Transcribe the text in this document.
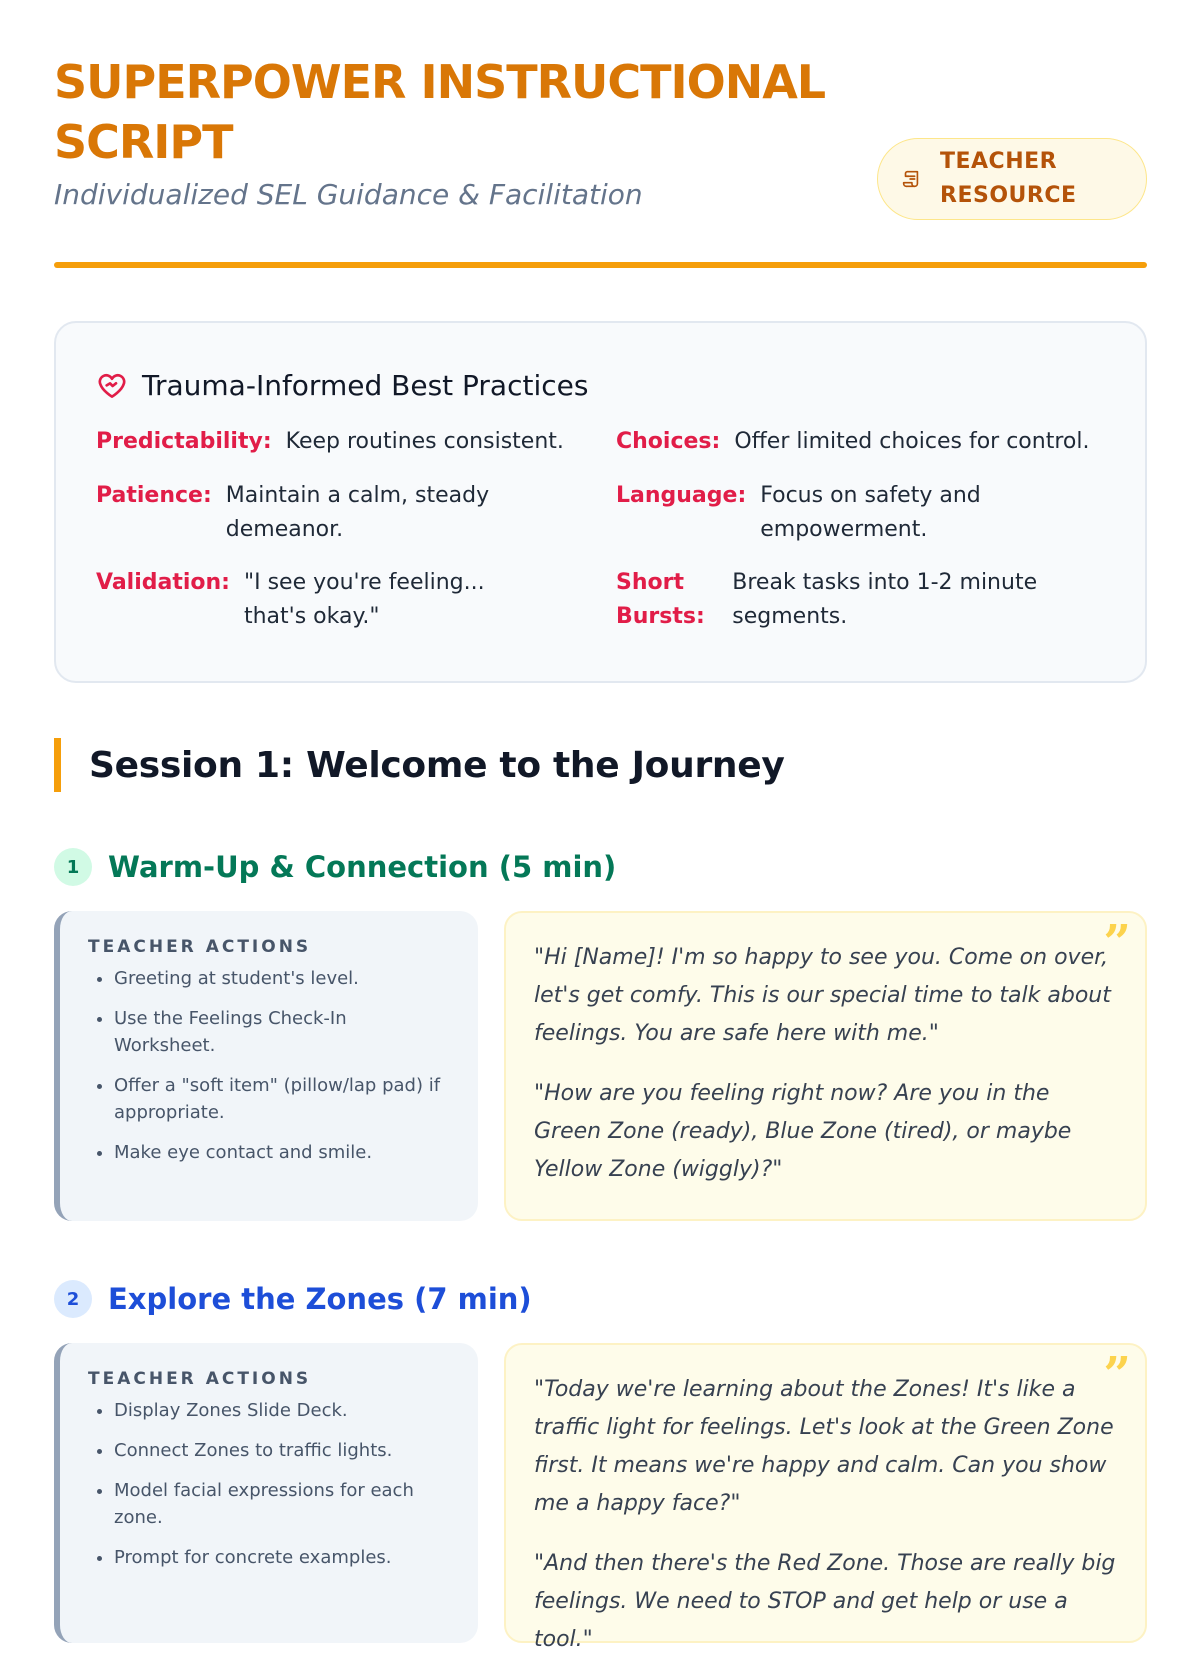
SUPERPOWER INSTRUCTIONAL SCRIPT

Individualized SEL Guidance & Facilitation

TEACHER RESOURCE
Trauma-Informed Best Practices
Predictability: Keep routines consistent. Choices: Offer limited choices for control.
Patience: Maintain a calm, steady demeanor.
Language: Focus on safety and empowerment.
Validation: "I see you're feeling... that's okay."
Short Bursts:
Break tasks into 1-2 minute segments.
Session 1: Welcome to the Journey
1 Warm-Up & Connection (5 min)
TEACHER ACTIONS
• Greeting at student's level.
• Use the Feelings Check-In Worksheet.
• Offer a "soft item" (pillow/lap pad) if appropriate.
• Make eye contact and smile.
”

"Hi [Name]! I'm so happy to see you. Come on over, let's get comfy. This is our special time to talk about feelings. You are safe here with me."

"How are you feeling right now? Are you in the Green Zone (ready), Blue Zone (tired), or maybe Yellow Zone (wiggly)?"

2 Explore the Zones (7 min)
TEACHER ACTIONS
• Display Zones Slide Deck.
• Connect Zones to traffic lights.
• Model facial expressions for each zone.
• Prompt for concrete examples.
”

"Today we're learning about the Zones! It's like a traffic light for feelings. Let's look at the Green Zone first. It means we're happy and calm. Can you show me a happy face?"

"And then there's the Red Zone. Those are really big feelings. We need to STOP and get help or use a tool."
